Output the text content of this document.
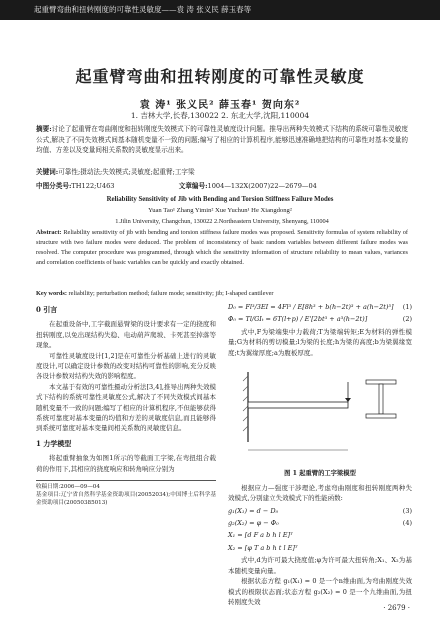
起重臂弯曲和扭转刚度的可靠性灵敏度——袁 涛 张义民 薛玉春等
起重臂弯曲和扭转刚度的可靠性灵敏度
袁 涛¹ 张义民² 薛玉春¹ 贺向东²
1. 吉林大学,长春,130022 2. 东北大学,沈阳,110004
摘要:讨论了起重臂在弯曲刚度和扭转刚度失效模式下的可靠性灵敏度设计问题。推导出两种失效模式下结构的系统可靠性灵敏度公式,解决了不同失效模式间基本随机变量不一致的问题;编写了相应的计算机程序,能够迅速准确地把结构的可靠性对基本变量的均值、方差以及变量间相关系数的灵敏度显示出来。
关键词:可靠性;摄动法;失效模式;灵敏度;起重臂;工字梁
中图分类号:TH122;U463	文章编号:1004—132X(2007)22—2679—04
Reliability Sensitivity of Jib with Bending and Torsion Stiffness Failure Modes
Yuan Tao¹ Zhang Yimin² Xue Yuchun¹ He Xiangdong²
1.Jilin University, Changchun, 130022 2.Northeastern University, Shenyang, 110004
Abstract: Reliability sensitivity of jib with bending and torsion stiffness failure modes was proposed. Sensitivity formulas of system reliability of structure with two failure modes were deduced. The problem of inconsistency of basic random variables between different failure modes was resolved. The computer procedure was programmed, through which the sensitivity information of structure reliability to mean values, variances and correlation coefficients of basic variables can be quickly and exactly obtained.
Key words: reliability; perturbation method; failure mode; sensitivity; jib; I-shaped cantilever
0 引言

在起重设备中,工字截面悬臂梁的设计要求有一定的挠度和扭转刚度,以免出现结构失稳、电动葫芦爬坡、卡死甚至掉落等现象。

可靠性灵敏度设计[1,2]是在可靠性分析基础上进行的灵敏度设计,可以确定设计参数的改变对结构可靠性的影响,充分反映各设计参数对结构失效的影响程度。

本文基于有效的可靠性摄动分析法[3,4],推导出两种失效模式下结构的系统可靠性灵敏度公式,解决了不同失效模式间基本随机变量不一致的问题;编写了相应的计算机程序,不但能够获得系统可靠度对基本变量的均值和方差的灵敏度信息,而且能够得到系统可靠度对基本变量间相关系数的灵敏度信息。

1 力学模型

将起重臂抽象为如图1所示的等截面工字梁,在弯扭组合载荷的作用下,其相应的挠度响应和转角响应分别为

收稿日期:2006—09—04
基金项目:辽宁省自然科学基金资助项目(20052034);中国博士后科学基金资助项目(20050385013)
D₀ = Fl³/3EI = 4Fl³ / E[8h³ + b(h−2t)³ + a(h−2t)³] (1)
Φ₀ = Tl/GIₜ = 6T(l+p) / E'[2bt³ + a³(h−2t)]	(2)

式中,F为梁端集中力载荷;T为梁端转矩;E为材料的弹性模量;G为材料的剪切模量;l为梁的长度;h为梁的高度;b为梁翼缘宽度;t为翼缘厚度;a为腹板厚度。

图 1 起重臂的工字梁模型

根据应力—强度干涉理论,考虑弯曲刚度和扭转刚度两种失效模式,分别建立失效模式下的性能函数:

g₁(X₁) = d − D₀	(3)
g₂(X₂) = φ − Φ₀	(4)
X₁ = [d F a b h l E]ᵀ
X₂ = [φ T a b h t l E]ᵀ

式中,d为许可最大挠度值;φ为许可最大扭转角;X₁、X₂为基本随机变量向量。

根据状态方程 g₁(X₁) = 0 是一个n维曲面,为弯曲刚度失效模式的极限状态面;状态方程 g₂(X₂) = 0 是一个九维曲面,为扭转刚度失效

· 2679 ·
